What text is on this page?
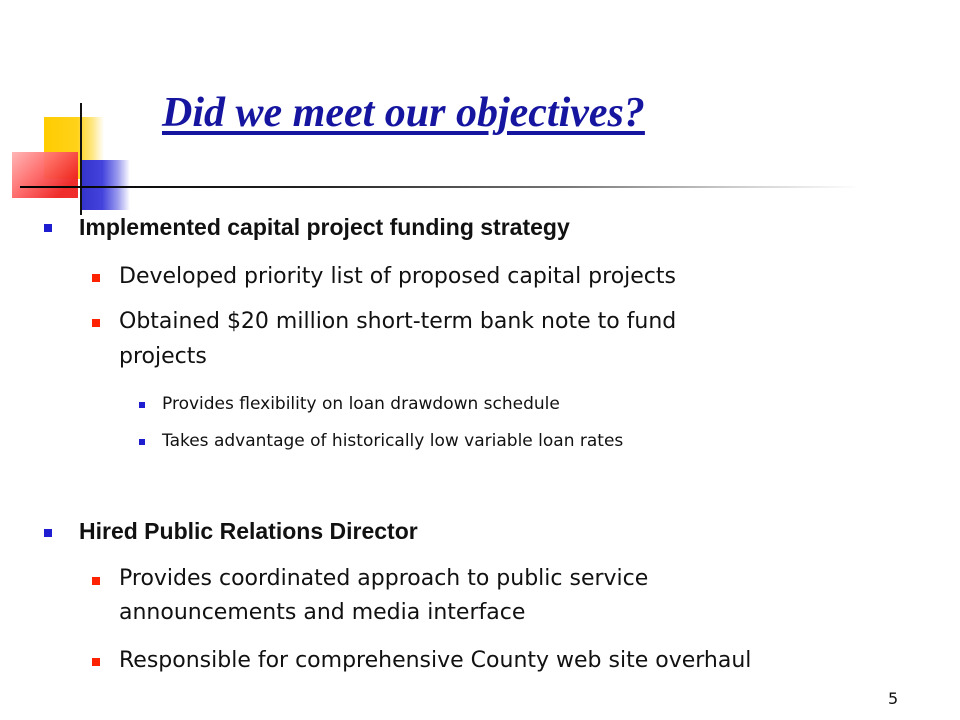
Did we meet our objectives?
Implemented capital project funding strategy
Developed priority list of proposed capital projects
Obtained $20 million short-term bank note to fund
projects
Provides flexibility on loan drawdown schedule
Takes advantage of historically low variable loan rates
Hired Public Relations Director
Provides coordinated approach to public service
announcements and media interface
Responsible for comprehensive County web site overhaul
5
